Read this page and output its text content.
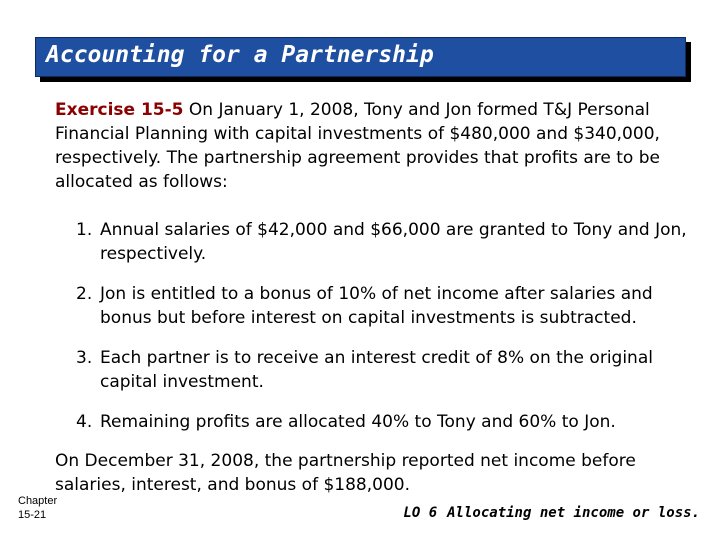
Accounting for a Partnership
Exercise 15-5 On January 1, 2008, Tony and Jon formed T&J Personal Financial Planning with capital investments of $480,000 and $340,000, respectively. The partnership agreement provides that profits are to be allocated as follows:
1. Annual salaries of $42,000 and $66,000 are granted to Tony and Jon, respectively.
2. Jon is entitled to a bonus of 10% of net income after salaries and bonus but before interest on capital investments is subtracted.
3. Each partner is to receive an interest credit of 8% on the original capital investment.
4. Remaining profits are allocated 40% to Tony and 60% to Jon.
On December 31, 2008, the partnership reported net income before salaries, interest, and bonus of $188,000.
Chapter
15-21	LO 6 Allocating net income or loss.
